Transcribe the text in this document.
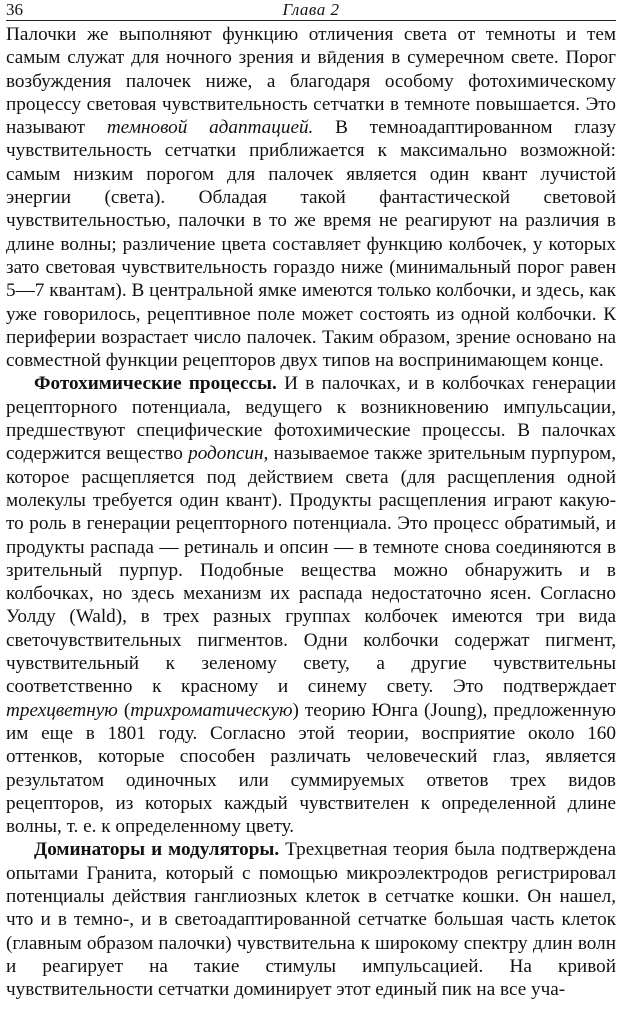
36	Глава 2

Палочки же выполняют функцию отличения света от темноты и тем самым служат для ночного зрения и вӣдения в сумеречном свете. Порог возбуждения палочек ниже, а благодаря особому фотохимическому процессу световая чувствительность сетчатки в темноте повышается. Это называют темновой адаптацией. В темноадаптированном глазу чувствительность сетчатки приближается к максимально возможной: самым низким порогом для палочек является один квант лучистой энергии (света). Обладая такой фантастической световой чувствительностью, палочки в то же время не реагируют на различия в длине волны; различение цвета составляет функцию колбочек, у которых зато световая чувствительность гораздо ниже (минимальный порог равен 5—7 квантам). В центральной ямке имеются только колбочки, и здесь, как уже говорилось, рецептивное поле может состоять из одной колбочки. К периферии возрастает число палочек. Таким образом, зрение основано на совместной функции рецепторов двух типов на воспринимающем конце.

Фотохимические процессы. И в палочках, и в колбочках генерации рецепторного потенциала, ведущего к возникновению импульсации, предшествуют специфические фотохимические процессы. В палочках содержится вещество родопсин, называемое также зрительным пурпуром, которое расщепляется под действием света (для расщепления одной молекулы требуется один квант). Продукты расщепления играют какую-то роль в генерации рецепторного потенциала. Это процесс обратимый, и продукты распада — ретиналь и опсин — в темноте снова соединяются в зрительный пурпур. Подобные вещества можно обнаружить и в колбочках, но здесь механизм их распада недостаточно ясен. Согласно Уолду (Wald), в трех разных группах колбочек имеются три вида светочувствительных пигментов. Одни колбочки содержат пигмент, чувствительный к зеленому свету, а другие чувствительны соответственно к красному и синему свету. Это подтверждает трехцветную (трихроматическую) теорию Юнга (Joung), предложенную им еще в 1801 году. Согласно этой теории, восприятие около 160 оттенков, которые способен различать человеческий глаз, является результатом одиночных или суммируемых ответов трех видов рецепторов, из которых каждый чувствителен к определенной длине волны, т. е. к определенному цвету.

Доминаторы и модуляторы. Трехцветная теория была подтверждена опытами Гранита, который с помощью микроэлектродов регистрировал потенциалы действия ганглиозных клеток в сетчатке кошки. Он нашел, что и в темно-, и в светоадаптированной сетчатке большая часть клеток (главным образом палочки) чувствительна к широкому спектру длин волн и реагирует на такие стимулы импульсацией. На кривой чувствительности сетчатки доминирует этот единый пик на все уча-
